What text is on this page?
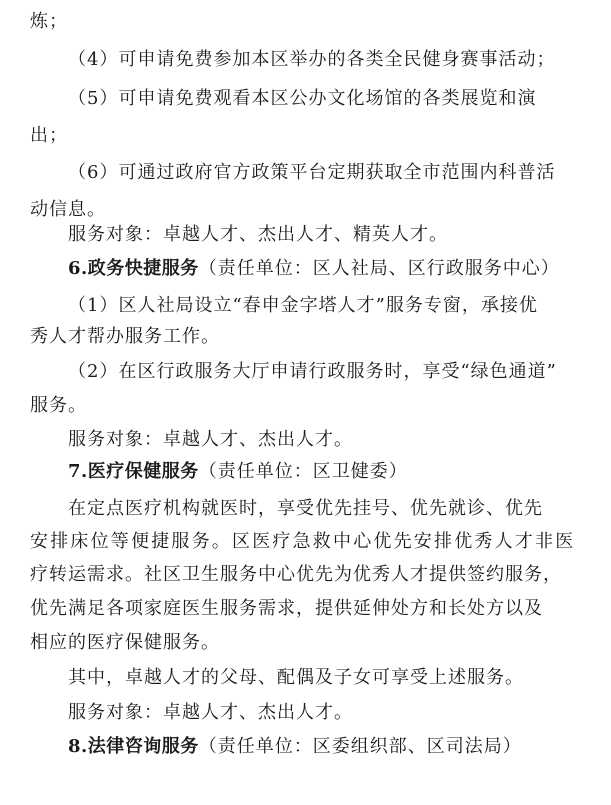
炼；
（4）可申请免费参加本区举办的各类全民健身赛事活动；
（5）可申请免费观看本区公办文化场馆的各类展览和演
出；
（6）可通过政府官方政策平台定期获取全市范围内科普活
动信息。
服务对象：卓越人才、杰出人才、精英人才。
6.政务快捷服务（责任单位：区人社局、区行政服务中心）
（1）区人社局设立“春申金字塔人才”服务专窗，承接优
秀人才帮办服务工作。
（2）在区行政服务大厅申请行政服务时，享受“绿色通道”
服务。
服务对象：卓越人才、杰出人才。
7.医疗保健服务（责任单位：区卫健委）
在定点医疗机构就医时，享受优先挂号、优先就诊、优先
安排床位等便捷服务。区医疗急救中心优先安排优秀人才非医
疗转运需求。社区卫生服务中心优先为优秀人才提供签约服务，
优先满足各项家庭医生服务需求，提供延伸处方和长处方以及
相应的医疗保健服务。
其中，卓越人才的父母、配偶及子女可享受上述服务。
服务对象：卓越人才、杰出人才。
8.法律咨询服务（责任单位：区委组织部、区司法局）
